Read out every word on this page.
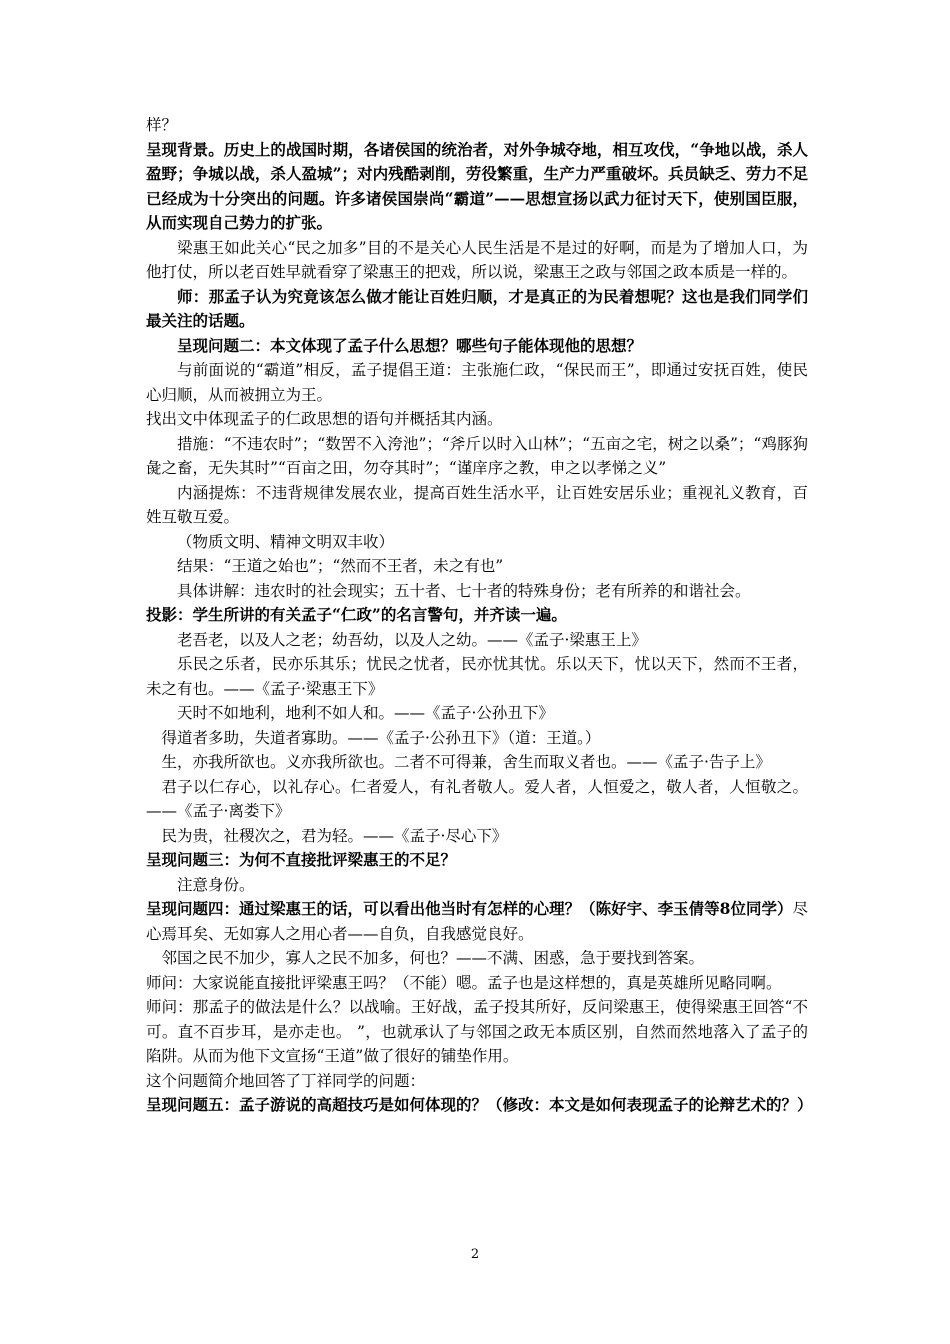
样？

呈现背景。历史上的战国时期，各诸侯国的统治者，对外争城夺地，相互攻伐，“争地以战，杀人盈野；争城以战，杀人盈城”；对内残酷剥削，劳役繁重，生产力严重破坏。兵员缺乏、劳力不足已经成为十分突出的问题。许多诸侯国崇尚“霸道”——思想宣扬以武力征讨天下，使别国臣服，从而实现自己势力的扩张。

梁惠王如此关心“民之加多”目的不是关心人民生活是不是过的好啊，而是为了增加人口，为他打仗，所以老百姓早就看穿了梁惠王的把戏，所以说，梁惠王之政与邻国之政本质是一样的。

师：那孟子认为究竟该怎么做才能让百姓归顺，才是真正的为民着想呢？这也是我们同学们最关注的话题。

呈现问题二：本文体现了孟子什么思想？哪些句子能体现他的思想？

与前面说的“霸道”相反，孟子提倡王道：主张施仁政，“保民而王”，即通过安抚百姓，使民心归顺，从而被拥立为王。

找出文中体现孟子的仁政思想的语句并概括其内涵。

措施：“不违农时”；“数罟不入洿池”；“斧斤以时入山林”；“五亩之宅，树之以桑”；“鸡豚狗彘之畜，无失其时”“百亩之田，勿夺其时”；“谨庠序之教，申之以孝悌之义”

内涵提炼：不违背规律发展农业，提高百姓生活水平，让百姓安居乐业；重视礼义教育，百姓互敬互爱。

（物质文明、精神文明双丰收）

结果：“王道之始也”；“然而不王者，未之有也”

具体讲解：违农时的社会现实；五十者、七十者的特殊身份；老有所养的和谐社会。

投影：学生所讲的有关孟子“仁政”的名言警句，并齐读一遍。

老吾老，以及人之老；幼吾幼，以及人之幼。——《孟子·梁惠王上》

乐民之乐者，民亦乐其乐；忧民之忧者，民亦忧其忧。乐以天下，忧以天下，然而不王者，未之有也。——《孟子·梁惠王下》

天时不如地利，地利不如人和。——《孟子·公孙丑下》

得道者多助，失道者寡助。——《孟子·公孙丑下》（道：王道。）

生，亦我所欲也。义亦我所欲也。二者不可得兼，舍生而取义者也。——《孟子·告子上》

君子以仁存心，以礼存心。仁者爱人，有礼者敬人。爱人者，人恒爱之，敬人者，人恒敬之。——《孟子·离娄下》

民为贵，社稷次之，君为轻。——《孟子·尽心下》

呈现问题三：为何不直接批评梁惠王的不足？

注意身份。

呈现问题四：通过梁惠王的话，可以看出他当时有怎样的心理？（陈好宇、李玉倩等8位同学）尽心焉耳矣、无如寡人之用心者——自负，自我感觉良好。

邻国之民不加少，寡人之民不加多，何也？——不满、困惑，急于要找到答案。

师问：大家说能直接批评梁惠王吗？（不能）嗯。孟子也是这样想的，真是英雄所见略同啊。

师问：那孟子的做法是什么？以战喻。王好战，孟子投其所好，反问梁惠王，使得梁惠王回答“不可。直不百步耳，是亦走也。 ”，也就承认了与邻国之政无本质区别，自然而然地落入了孟子的陷阱。从而为他下文宣扬“王道”做了很好的铺垫作用。

这个问题简介地回答了丁祥同学的问题：

呈现问题五：孟子游说的高超技巧是如何体现的？（修改：本文是如何表现孟子的论辩艺术的？）

2
